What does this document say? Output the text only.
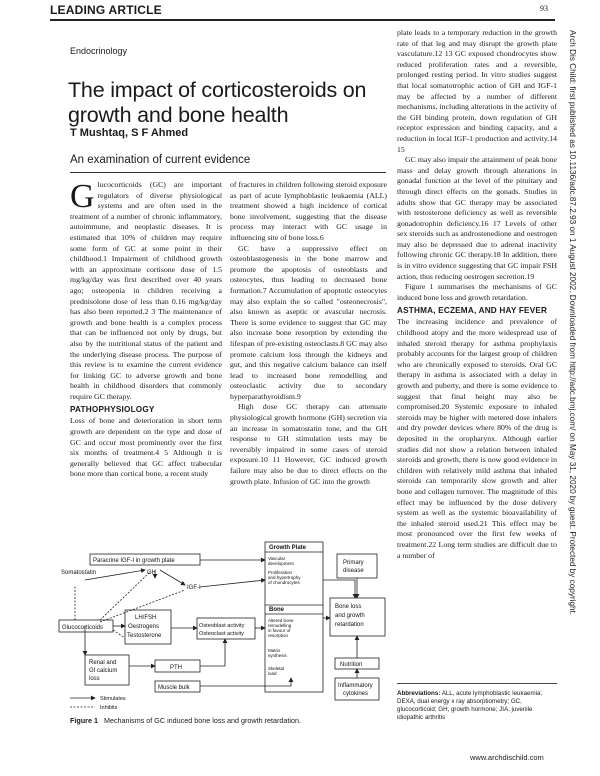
LEADING ARTICLE	93
Endocrinology
The impact of corticosteroids on growth and bone health
T Mushtaq, S F Ahmed
An examination of current evidence

Glucocorticoids (GC) are important regulators of diverse physiological systems and are often used in the treatment of a number of chronic inflammatory, autoimmune, and neoplastic diseases. It is estimated that 10% of children may require some form of GC at some point in their childhood.1 Impairment of childhood growth with an approximate cortisone dose of 1.5 mg/kg/day was first described over 40 years ago; osteopenia in children receiving a prednisolone dose of less than 0.16 mg/kg/day has also been reported.2 3 The maintenance of growth and bone health is a complex process that can be influenced not only by drugs, but also by the nutritional status of the patient and the underlying disease process. The purpose of this review is to examine the current evidence for linking GC to adverse growth and bone health in childhood disorders that commonly require GC therapy.

PATHOPHYSIOLOGY

Loss of bone and deterioration in short term growth are dependent on the type and dose of GC and occur most prominently over the first six months of treatment.4 5 Although it is generally believed that GC affect trabecular bone more than cortical bone, a recent study

of fractures in children following steroid exposure as part of acute lymphoblastic leukaemia (ALL) treatment showed a high incidence of cortical bone involvement, suggesting that the disease process may interact with GC usage in influencing site of bone loss.6

GC have a suppressive effect on osteoblastogenesis in the bone marrow and promote the apoptosis of osteoblasts and osteocytes, thus leading to decreased bone formation.7 Accumulation of apoptotic osteocytes may also explain the so called "osteonecrosis", also known as aseptic or avascular necrosis. There is some evidence to suggest that GC may also increase bone resorption by extending the lifespan of pre-existing osteoclasts.8 GC may also promote calcium loss through the kidneys and gut, and this negative calcium balance can itself lead to increased bone remodelling and osteoclastic activity due to secondary hyperparathyroidism.9

High dose GC therapy can attenuate physiological growth hormone (GH) secretion via an increase in somatostatin tone, and the GH response to GH stimulation tests may be reversibly impaired in some cases of steroid exposure.10 11 However, GC induced growth failure may also be due to direct effects on the growth plate. Infusion of GC into the growth

plate leads to a temporary reduction in the growth rate of that leg and may disrupt the growth plate vasculature.12 13 GC exposed chondrocytes show reduced proliferation rates and a reversible, prolonged resting period. In vitro studies suggest that local somatotrophic action of GH and IGF-1 may be affected by a number of different mechanisms, including alterations in the activity of the GH binding protein, down regulation of GH receptor expression and binding capacity, and a reduction in local IGF-1 production and activity.14 15

GC may also impair the attainment of peak bone mass and delay growth through alterations in gonadal function at the level of the pituitary and through direct effects on the gonads. Studies in adults show that GC therapy may be associated with testosterone deficiency as well as reversible gonadotrophin deficiency.16 17 Levels of other sex steroids such as androstenedione and oestrogen may also be depressed due to adrenal inactivity following chronic GC therapy.18 In addition, there is in vitro evidence suggesting that GC impair FSH action, thus reducing oestrogen secretion.19

Figure 1 summarises the mechanisms of GC induced bone loss and growth retardation.

ASTHMA, ECZEMA, AND HAY FEVER

The increasing incidence and prevalence of childhood atopy and the more widespread use of inhaled steroid therapy for asthma prophylaxis probably accounts for the largest group of children who are chronically exposed to steroids. Oral GC therapy in asthma is associated with a delay in growth and puberty, and there is some evidence to suggest that final height may also be compromised.20 Systemic exposure to inhaled steroids may be higher with metered dose inhalers and dry powder devices where 80% of the drug is deposited in the oropharynx. Although earlier studies did not show a relation between inhaled steroids and growth, there is now good evidence in children with relatively mild asthma that inhaled steroids can temporarily slow growth and alter bone and collagen turnover. The magnitude of this effect may be influenced by the dose delivery system as well as the systemic bioavailability of the inhaled steroid used.21 This effect may be most pronounced over the first few weeks of treatment.22 Long term studies are difficult due to a number of

Growth Plate
Vascular
development
Proliferation
and hypertrophy
of chondrocytes
Paracrine IGF-I in growth plate
Somatostatin	GH
IGF-I
Primary
disease
Bone
Altered bone
remodelling
in favour of
resorption
LH/FSH
Oestrogens
Testosterone
Osteoblast activity
Osteoclast activity
Glucocorticoids
Bone loss
and growth
retardation
Matrix
synthesis
PTH
Renal and
GI calcium
loss
Skeletal
load
Nutrition
Muscle bulk	Inflammatory
cytokines
Stimulates
Inhibits
Figure 1 Mechanisms of GC induced bone loss and growth retardation.
Abbreviations: ALL, acute lymphoblastic leukaemia; DEXA, dual energy x ray absorptiometry; GC, glucocorticoid; GH, growth hormone; JIA, juvenile idiopathic arthritis
Arch Dis Child: first published as 10.1136/adc.87.2.93 on 1 August 2002. Downloaded from http://adc.bmj.com/ on May 31, 2020 by guest. Protected by copyright.
www.archdischild.com
